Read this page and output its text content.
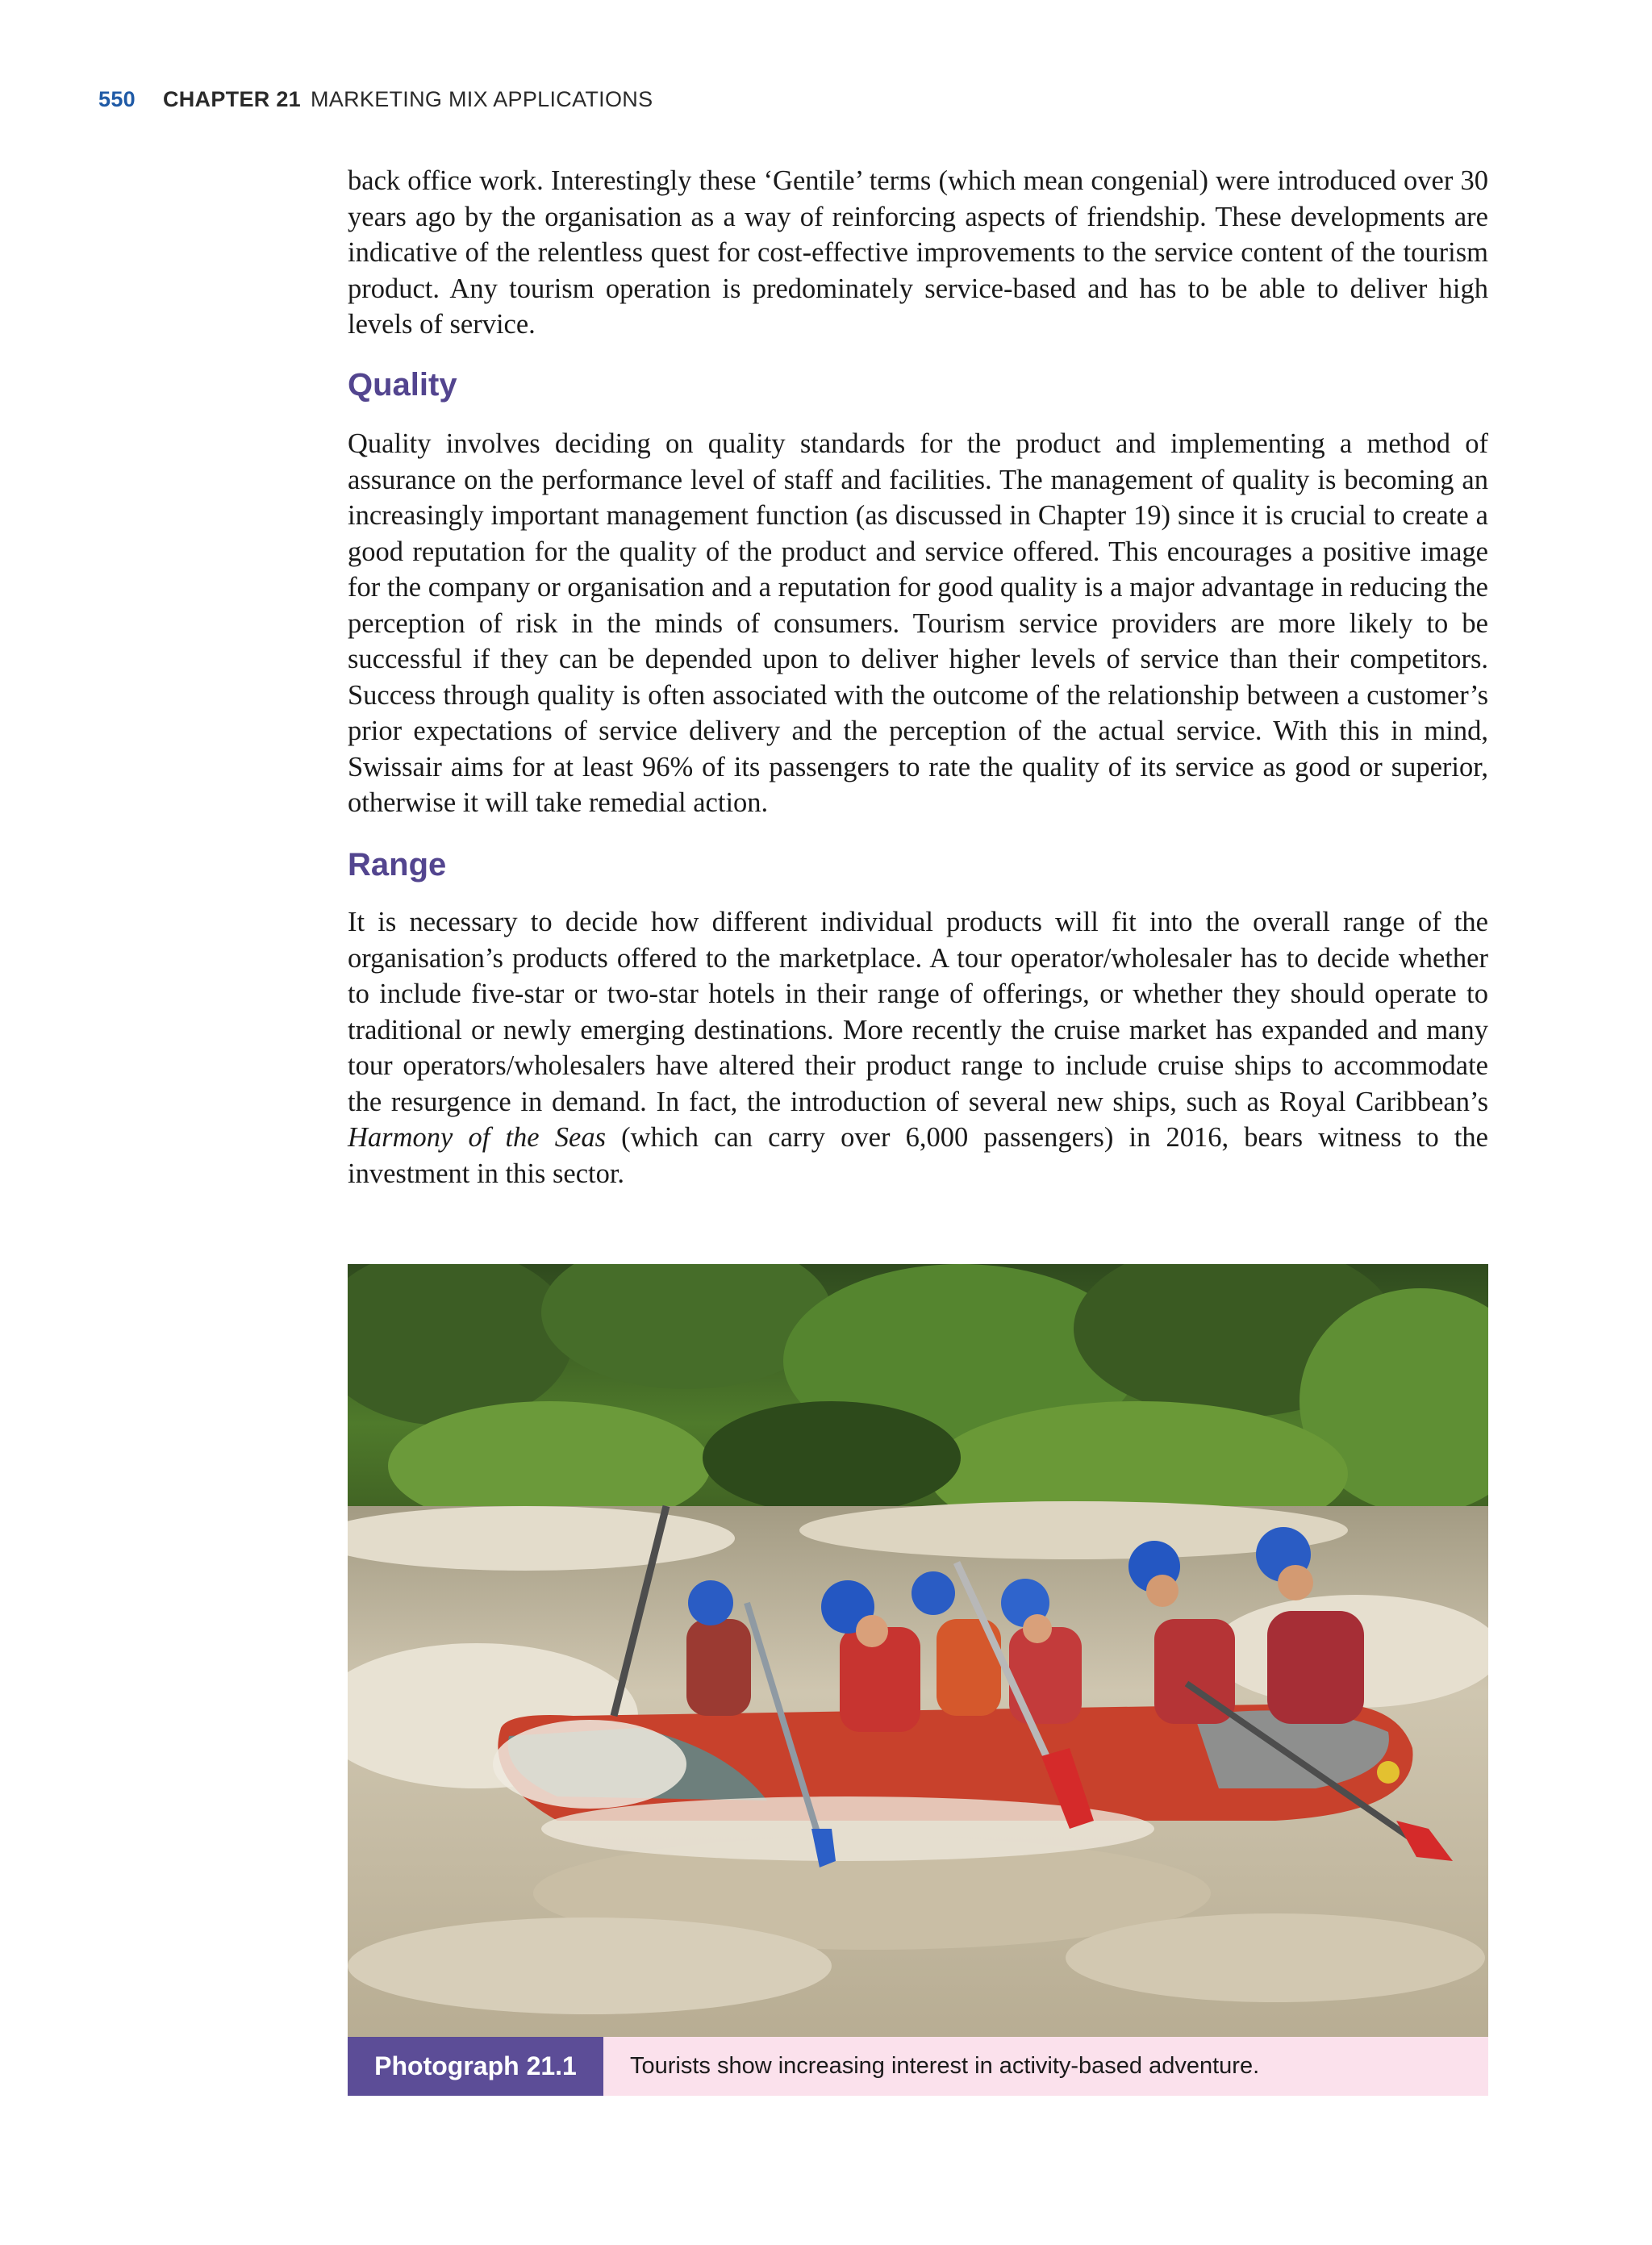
550 CHAPTER 21 MARKETING MIX APPLICATIONS

back office work. Interestingly these ‘Gentile’ terms (which mean congenial) were introduced over 30 years ago by the organisation as a way of reinforcing aspects of friendship. These developments are indicative of the relentless quest for cost-effective improvements to the service content of the tourism product. Any tourism operation is predominately service-based and has to be able to deliver high levels of service.

Quality

Quality involves deciding on quality standards for the product and implementing a method of assurance on the performance level of staff and facilities. The management of quality is becoming an increasingly important management function (as discussed in Chapter 19) since it is crucial to create a good reputation for the quality of the product and service offered. This encourages a positive image for the company or organisation and a reputation for good quality is a major advantage in reducing the perception of risk in the minds of consumers. Tourism service providers are more likely to be successful if they can be depended upon to deliver higher levels of service than their competitors. Success through quality is often associated with the outcome of the relationship between a customer’s prior expectations of service delivery and the perception of the actual service. With this in mind, Swissair aims for at least 96% of its passengers to rate the quality of its service as good or superior, otherwise it will take remedial action.

Range

It is necessary to decide how different individual products will fit into the overall range of the organisation’s products offered to the marketplace. A tour operator/wholesaler has to decide whether to include five-star or two-star hotels in their range of offerings, or whether they should operate to traditional or newly emerging destinations. More recently the cruise market has expanded and many tour operators/wholesalers have altered their product range to include cruise ships to accommodate the resurgence in demand. In fact, the introduction of several new ships, such as Royal Caribbean’s Harmony of the Seas (which can carry over 6,000 passengers) in 2016, bears witness to the investment in this sector.

Photograph 21.1	Tourists show increasing interest in activity-based adventure.
